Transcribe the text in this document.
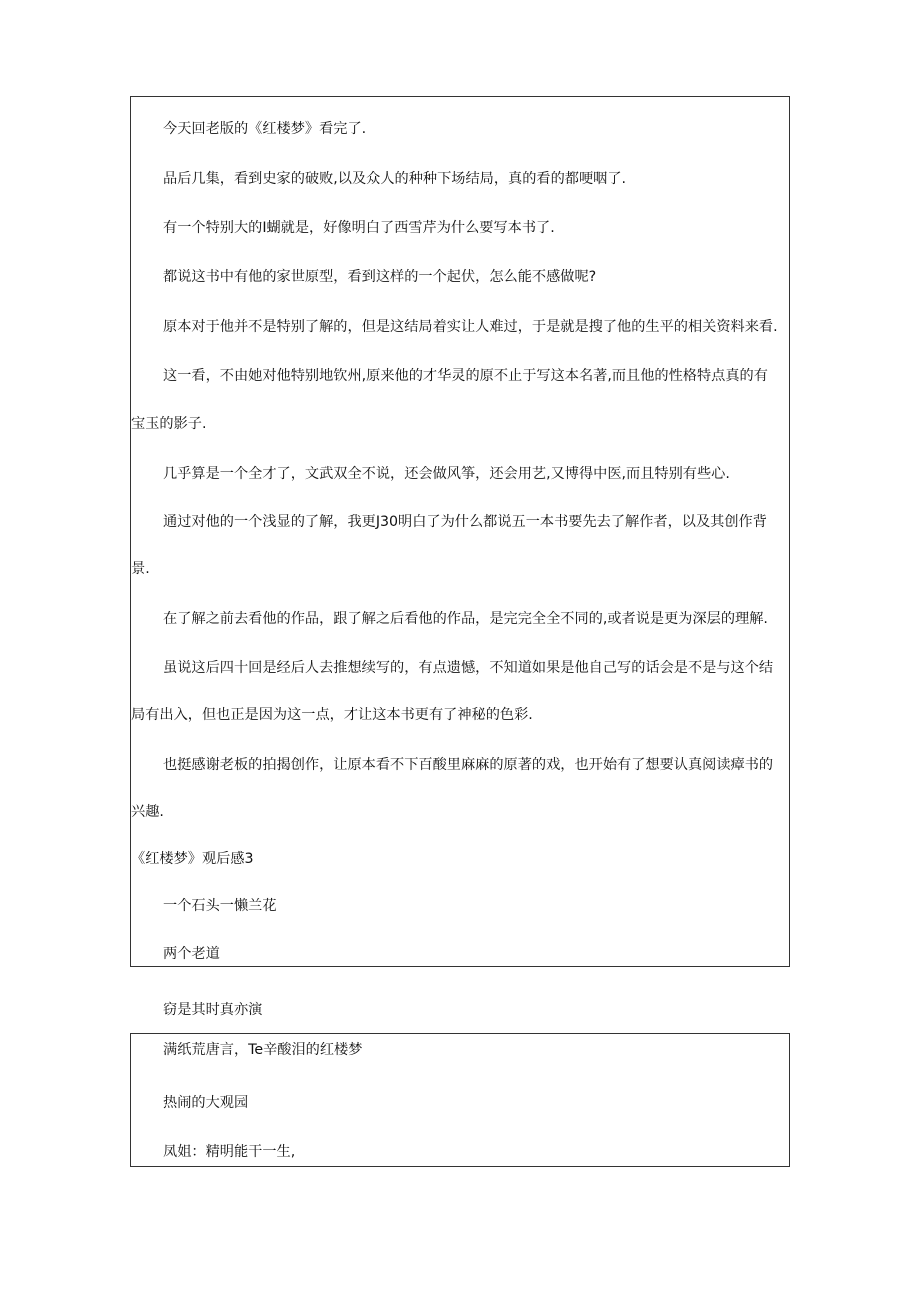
今天回老版的《红楼梦》看完了.
品后几集，看到史家的破败,以及众人的种种下场结局，真的看的都哽咽了.
有一个特别大的I蝴就是，好像明白了西雪芹为什么要写本书了.
都说这书中有他的家世原型，看到这样的一个起伏，怎么能不感做呢?
原本对于他并不是特别了解的，但是这结局着实让人难过，于是就是搜了他的生平的相关资料来看.
这一看，不由她对他特别地钦州,原来他的才华灵的原不止于写这本名著,而且他的性格特点真的有
宝玉的影子.
几乎算是一个全才了，文武双全不说，还会做风筝，还会用艺,又博得中医,而且特别有些心.
通过对他的一个浅显的了解，我更J30明白了为什么都说五一本书要先去了解作者，以及其创作背
景.
在了解之前去看他的作品，跟了解之后看他的作品，是完完全全不同的,或者说是更为深层的理解.
虽说这后四十回是经后人去推想续写的，有点遗憾，不知道如果是他自己写的话会是不是与这个结
局有出入，但也正是因为这一点，才让这本书更有了神秘的色彩.
也挺感谢老板的拍揭创作，让原本看不下百酸里麻麻的原著的戏，也开始有了想要认真阅读瘴书的
兴趣.
《红楼梦》观后感3
一个石头一懒兰花
两个老道
窃是其时真亦演
满纸荒唐言，Te辛酸泪的红楼梦
热闹的大观园
凤姐：精明能干一生,
